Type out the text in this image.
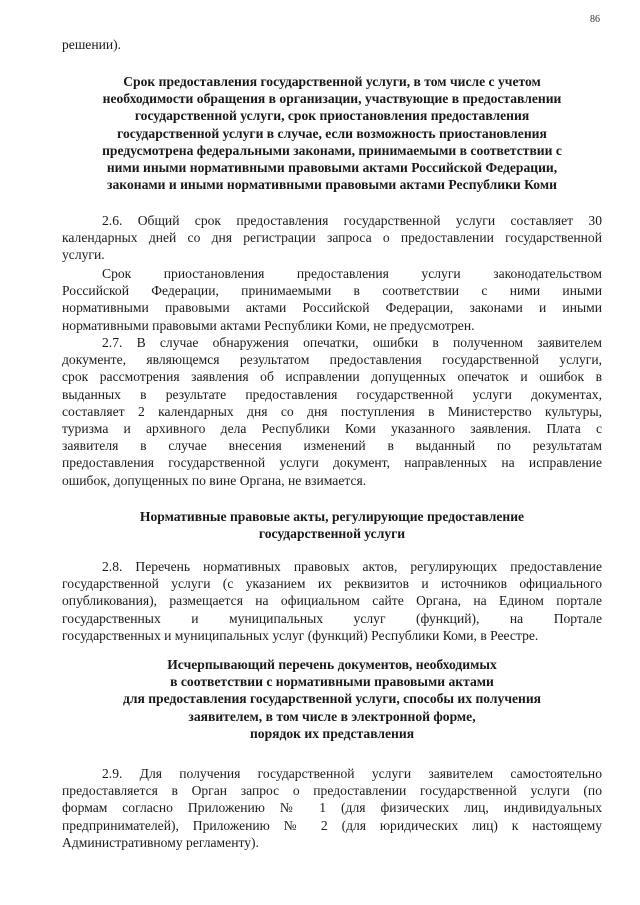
86
решении).
Срок предоставления государственной услуги, в том числе с учетом
необходимости обращения в организации, участвующие в предоставлении
государственной услуги, срок приостановления предоставления
государственной услуги в случае, если возможность приостановления
предусмотрена федеральными законами, принимаемыми в соответствии с
ними иными нормативными правовыми актами Российской Федерации,
законами и иными нормативными правовыми актами Республики Коми
2.6. Общий срок предоставления государственной услуги составляет 30
календарных дней со дня регистрации запроса о предоставлении государственной
услуги.
Срок приостановления предоставления услуги законодательством
Российской Федерации, принимаемыми в соответствии с ними иными
нормативными правовыми актами Российской Федерации, законами и иными
нормативными правовыми актами Республики Коми, не предусмотрен.
2.7. В случае обнаружения опечатки, ошибки в полученном заявителем
документе, являющемся результатом предоставления государственной услуги,
срок рассмотрения заявления об исправлении допущенных опечаток и ошибок в
выданных в результате предоставления государственной услуги документах,
составляет 2 календарных дня со дня поступления в Министерство культуры,
туризма и архивного дела Республики Коми указанного заявления. Плата с
заявителя в случае внесения изменений в выданный по результатам
предоставления государственной услуги документ, направленных на исправление
ошибок, допущенных по вине Органа, не взимается.
Нормативные правовые акты, регулирующие предоставление
государственной услуги
2.8. Перечень нормативных правовых актов, регулирующих предоставление
государственной услуги (с указанием их реквизитов и источников официального
опубликования), размещается на официальном сайте Органа, на Едином портале
государственных и муниципальных услуг (функций), на Портале
государственных и муниципальных услуг (функций) Республики Коми, в Реестре.
Исчерпывающий перечень документов, необходимых
в соответствии с нормативными правовыми актами
для предоставления государственной услуги, способы их получения
заявителем, в том числе в электронной форме,
порядок их представления
2.9. Для получения государственной услуги заявителем самостоятельно
предоставляется в Орган запрос о предоставлении государственной услуги (по
формам согласно Приложению № 1 (для физических лиц, индивидуальных
предпринимателей), Приложению № 2 (для юридических лиц) к настоящему
Административному регламенту).
